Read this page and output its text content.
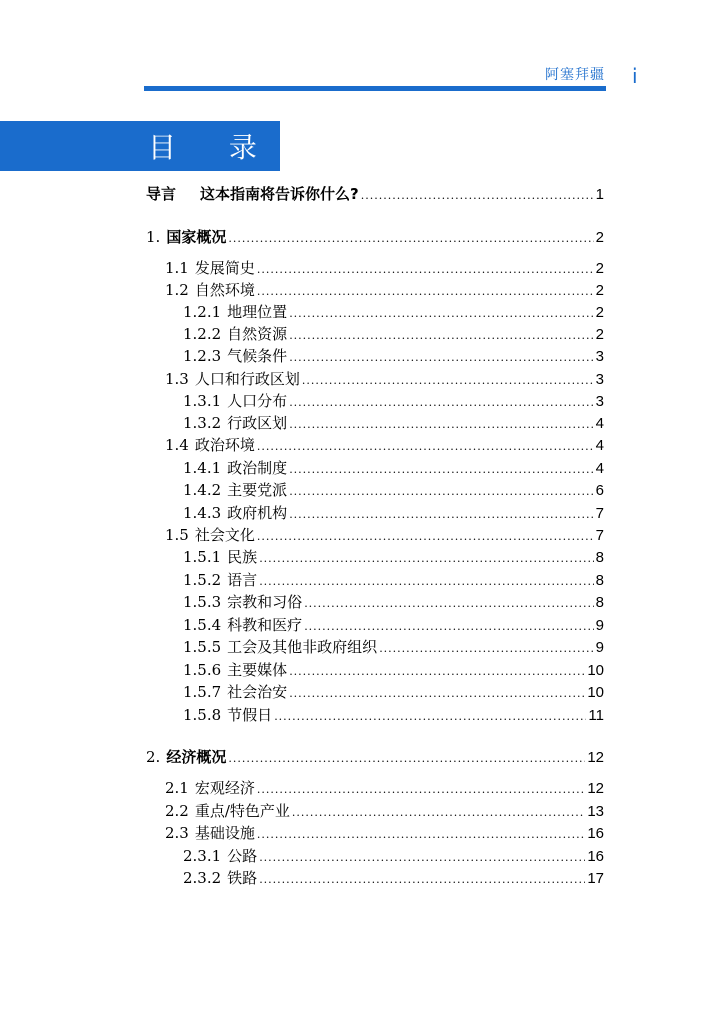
阿塞拜疆 i
目 录
导言 这本指南将告诉你什么? .....	1
1. 国家概况 .....	2
1.1 发展简史 .....	2
1.2 自然环境 .....	2
1.2.1 地理位置 .....	2
1.2.2 自然资源 .....	2
1.2.3 气候条件 .....	3
1.3 人口和行政区划 .....	3
1.3.1 人口分布 .....	3
1.3.2 行政区划 .....	4
1.4 政治环境 .....	4
1.4.1 政治制度 .....	4
1.4.2 主要党派 .....	6
1.4.3 政府机构 .....	7
1.5 社会文化 .....	7
1.5.1 民族 .....	8
1.5.2 语言 .....	8
1.5.3 宗教和习俗 .....	8
1.5.4 科教和医疗 .....	9
1.5.5 工会及其他非政府组织 .....	9
1.5.6 主要媒体 .....	10
1.5.7 社会治安 .....	10
1.5.8 节假日 .....	11
2. 经济概况 .....	12
2.1 宏观经济 .....	12
2.2 重点/特色产业 .....	13
2.3 基础设施 .....	16
2.3.1 公路 .....	16
2.3.2 铁路 .....	17
